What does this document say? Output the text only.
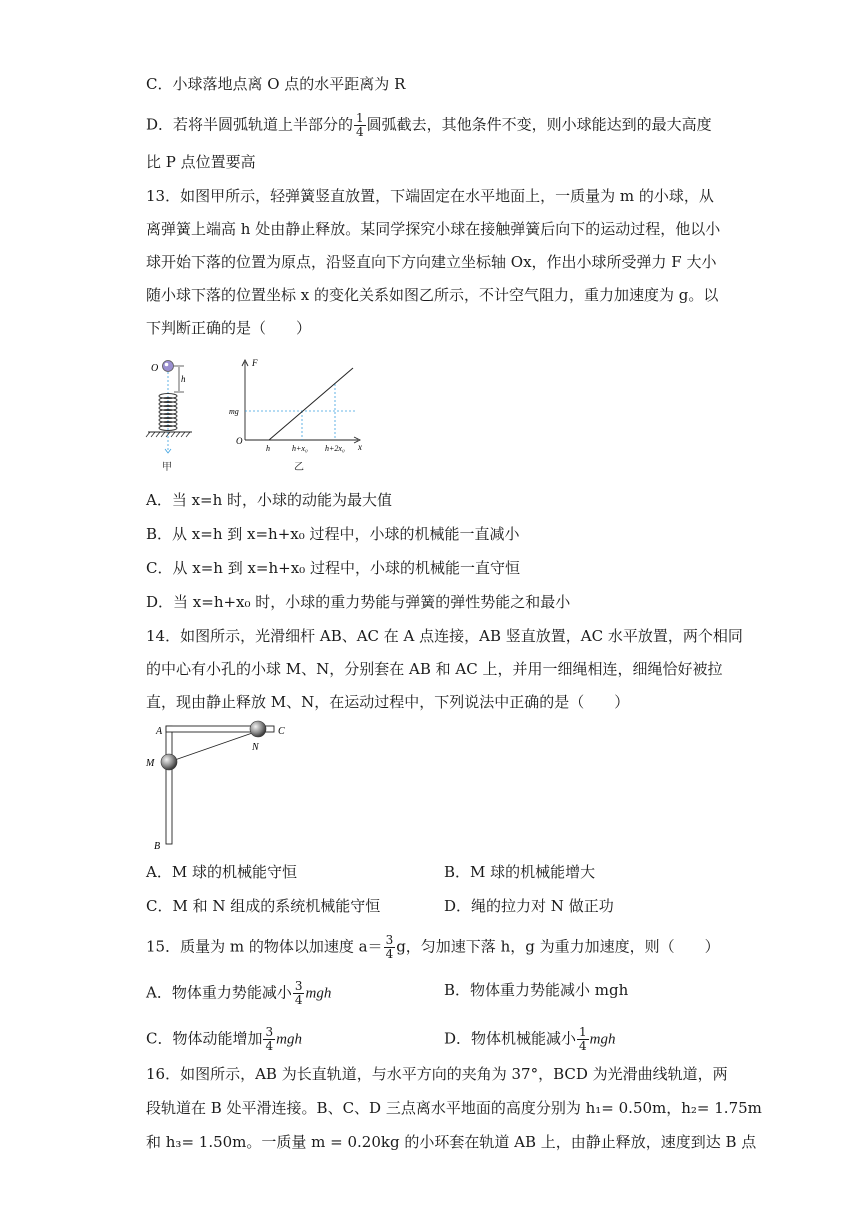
C．小球落地点离 O 点的水平距离为 R
D．若将半圆弧轨道上半部分的 $\frac{1}{4}$ 圆弧截去，其他条件不变，则小球能达到的最大高度
比 P 点位置要高
13．如图甲所示，轻弹簧竖直放置，下端固定在水平地面上，一质量为 m 的小球，从
离弹簧上端高 h 处由静止释放。某同学探究小球在接触弹簧后向下的运动过程，他以小
球开始下落的位置为原点，沿竖直向下方向建立坐标轴 Ox，作出小球所受弹力 F 大小
随小球下落的位置坐标 x 的变化关系如图乙所示，不计空气阻力，重力加速度为 g。以
下判断正确的是（　　）
O
h
甲
F
mg
O
x
h	h+x₀ h+2x₀
乙
A．当 x=h 时，小球的动能为最大值
B．从 x=h 到 x=h+x₀ 过程中，小球的机械能一直减小
C．从 x=h 到 x=h+x₀ 过程中，小球的机械能一直守恒
D．当 x=h+x₀ 时，小球的重力势能与弹簧的弹性势能之和最小
14．如图所示，光滑细杆 AB、AC 在 A 点连接，AB 竖直放置，AC 水平放置，两个相同
的中心有小孔的小球 M、N，分别套在 AB 和 AC 上，并用一细绳相连，细绳恰好被拉
直，现由静止释放 M、N，在运动过程中，下列说法中正确的是（　　）
A	C
N
M
B
A．M 球的机械能守恒	B．M 球的机械能增大
C．M 和 N 组成的系统机械能守恒	D．绳的拉力对 N 做正功
15．质量为 m 的物体以加速度 $a= \frac{3}{4}$ g，匀加速下落 h，g 为重力加速度，则（　　）
A．物体重力势能减小 $\frac{3}{4}$ mgh	B．物体重力势能减小 mgh
C．物体动能增加 $\frac{3}{4}$ mgh	D．物体机械能减小 $\frac{1}{4}$ mgh
16．如图所示，AB 为长直轨道，与水平方向的夹角为 37°，BCD 为光滑曲线轨道，两
段轨道在 B 处平滑连接。B、C、D 三点离水平地面的高度分别为 h₁= 0.50m，h₂= 1.75m
和 h₃= 1.50m。一质量 m = 0.20kg 的小环套在轨道 AB 上，由静止释放，速度到达 B 点
